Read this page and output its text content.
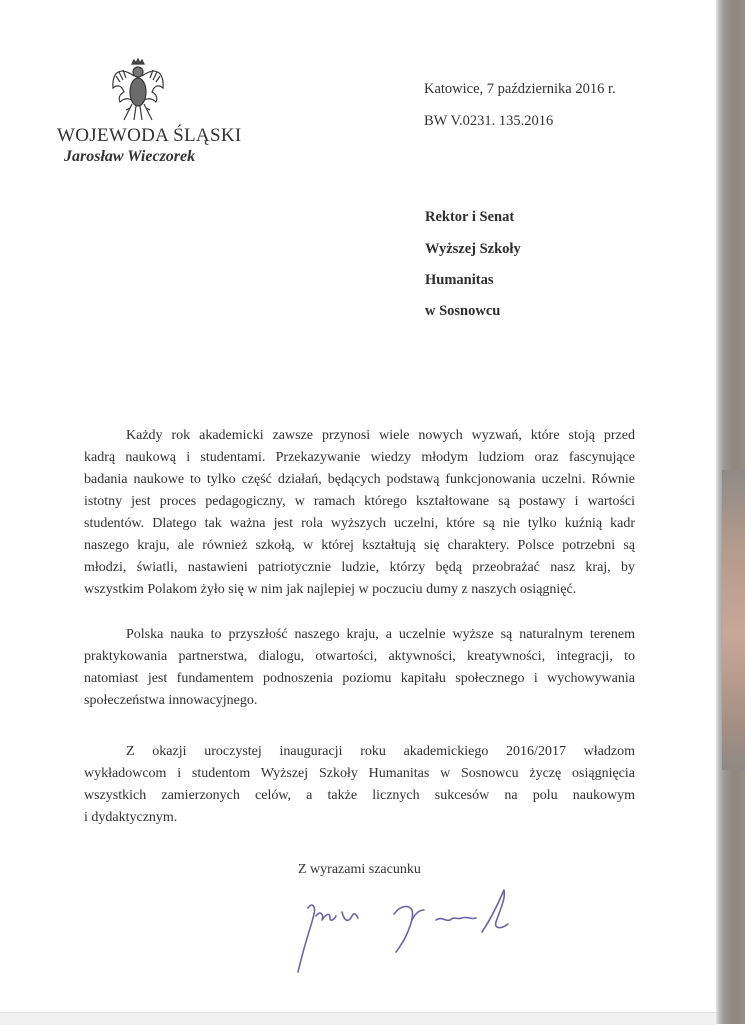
WOJEWODA ŚLĄSKI
Jarosław Wieczorek
Katowice, 7 października 2016 r.
BW V.0231. 135.2016
Rektor i Senat
Wyższej Szkoły
Humanitas
w Sosnowcu
Każdy rok akademicki zawsze przynosi wiele nowych wyzwań, które stoją przed
kadrą naukową i studentami. Przekazywanie wiedzy młodym ludziom oraz fascynujące
badania naukowe to tylko część działań, będących podstawą funkcjonowania uczelni. Równie
istotny jest proces pedagogiczny, w ramach którego kształtowane są postawy i wartości
studentów. Dlatego tak ważna jest rola wyższych uczelni, które są nie tylko kuźnią kadr
naszego kraju, ale również szkołą, w której kształtują się charaktery. Polsce potrzebni są
młodzi, światli, nastawieni patriotycznie ludzie, którzy będą przeobrażać nasz kraj, by
wszystkim Polakom żyło się w nim jak najlepiej w poczuciu dumy z naszych osiągnięć.
Polska nauka to przyszłość naszego kraju, a uczelnie wyższe są naturalnym terenem
praktykowania partnerstwa, dialogu, otwartości, aktywności, kreatywności, integracji, to
natomiast jest fundamentem podnoszenia poziomu kapitału społecznego i wychowywania
społeczeństwa innowacyjnego.
Z okazji uroczystej inauguracji roku akademickiego 2016/2017 władzom
wykładowcom i studentom Wyższej Szkoły Humanitas w Sosnowcu życzę osiągnięcia
wszystkich zamierzonych celów, a także licznych sukcesów na polu naukowym
i dydaktycznym.
Z wyrazami szacunku
